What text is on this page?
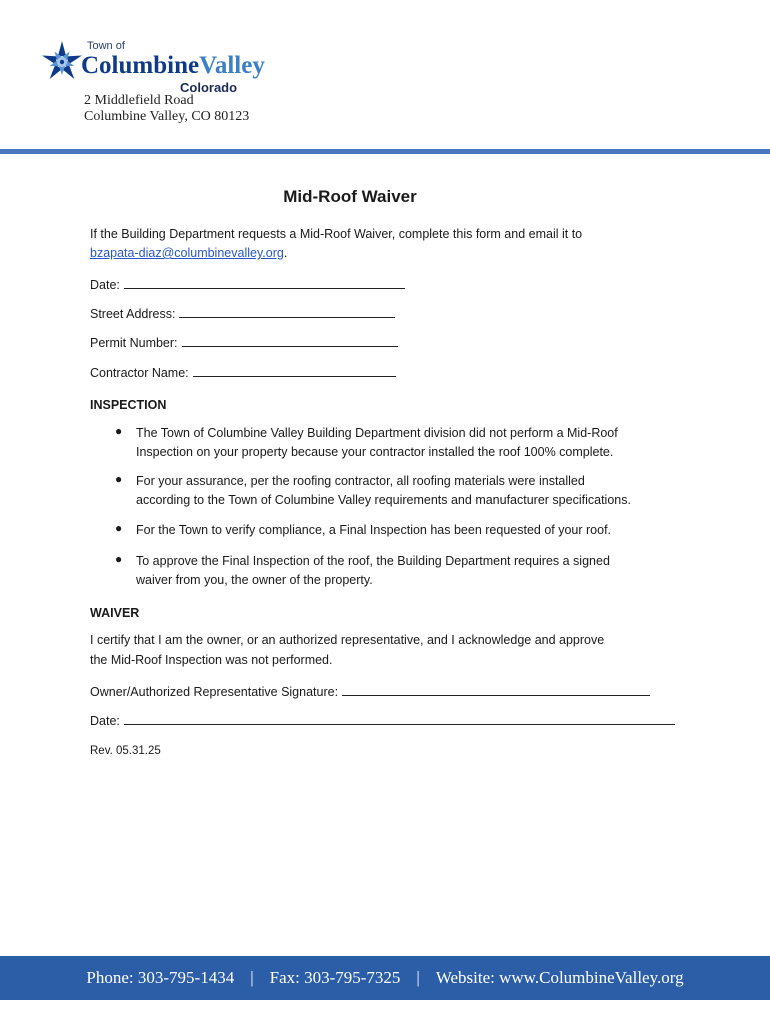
Town of
ColumbineValley
Colorado
2 Middlefield Road
Columbine Valley, CO 80123
Mid-Roof Waiver
If the Building Department requests a Mid-Roof Waiver, complete this form and email it to
bzapata-diaz@columbinevalley.org.
Date:
Street Address:
Permit Number:
Contractor Name:
INSPECTION
● The Town of Columbine Valley Building Department division did not perform a Mid-Roof
Inspection on your property because your contractor installed the roof 100% complete.
● For your assurance, per the roofing contractor, all roofing materials were installed
according to the Town of Columbine Valley requirements and manufacturer specifications.
● For the Town to verify compliance, a Final Inspection has been requested of your roof.
● To approve the Final Inspection of the roof, the Building Department requires a signed
waiver from you, the owner of the property.
WAIVER
I certify that I am the owner, or an authorized representative, and I acknowledge and approve
the Mid-Roof Inspection was not performed.
Owner/Authorized Representative Signature:
Date:
Rev. 05.31.25
Phone: 303-795-1434 | Fax: 303-795-7325 | Website: www.ColumbineValley.org
